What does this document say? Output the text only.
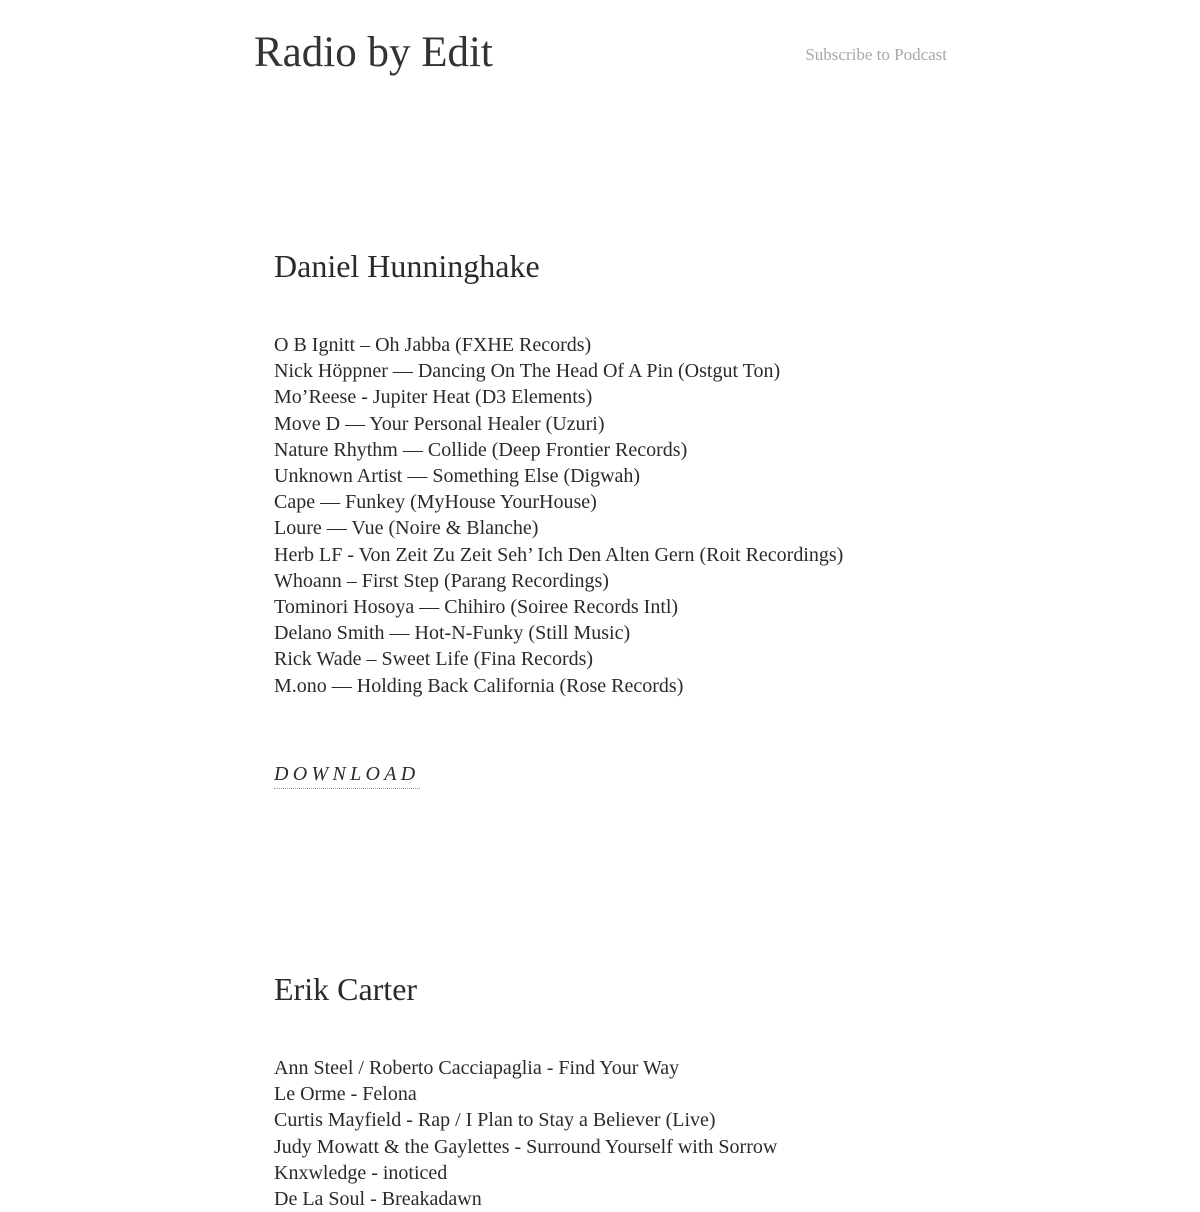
Radio by Edit	Subscribe to Podcast
Daniel Hunninghake
O B Ignitt – Oh Jabba (FXHE Records)
Nick Höppner — Dancing On The Head Of A Pin (Ostgut Ton)
Mo’Reese - Jupiter Heat (D3 Elements)
Move D — Your Personal Healer (Uzuri)
Nature Rhythm — Collide (Deep Frontier Records)
Unknown Artist — Something Else (Digwah)
Cape — Funkey (MyHouse YourHouse)
Loure — Vue (Noire & Blanche)
Herb LF - Von Zeit Zu Zeit Seh’ Ich Den Alten Gern (Roit Recordings)
Whoann – First Step (Parang Recordings)
Tominori Hosoya — Chihiro (Soiree Records Intl)
Delano Smith — Hot-N-Funky (Still Music)
Rick Wade – Sweet Life (Fina Records)
M.ono — Holding Back California (Rose Records)
DOWNLOAD
Erik Carter
Ann Steel / Roberto Cacciapaglia - Find Your Way
Le Orme - Felona
Curtis Mayfield - Rap / I Plan to Stay a Believer (Live)
Judy Mowatt & the Gaylettes - Surround Yourself with Sorrow
Knxwledge - inoticed
De La Soul - Breakadawn
